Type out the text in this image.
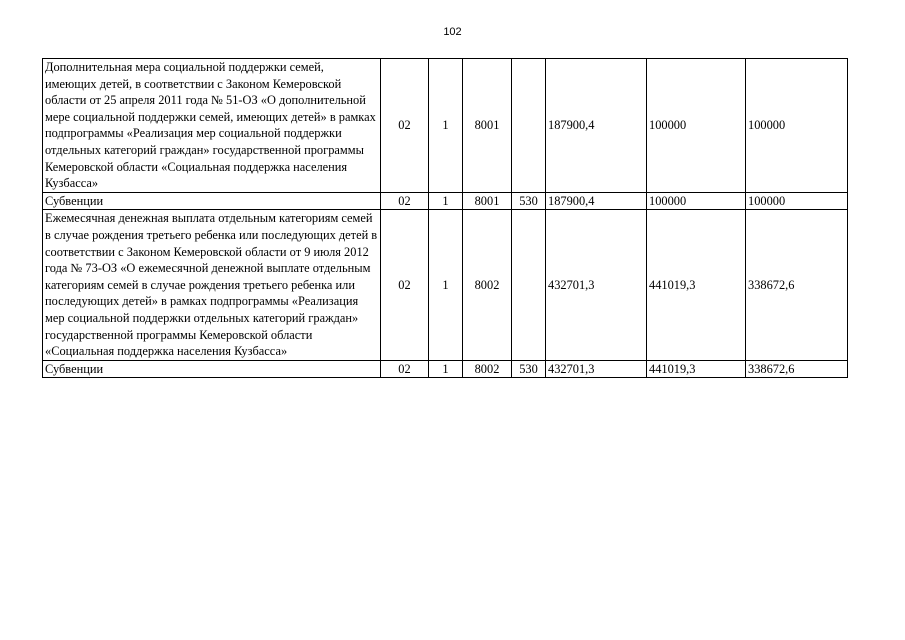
102
Дополнительная мера социальной поддержки семей, имеющих детей, в соответствии с Законом Кемеровской области от 25 апреля 2011 года № 51-ОЗ «О дополнительной мере социальной поддержки семей, имеющих детей» в рамках подпрограммы «Реализация мер социальной поддержки отдельных категорий граждан» государственной программы Кемеровской области «Социальная поддержка населения Кузбасса»	02	1	8001		187900,4	100000	100000
Субвенции	02	1	8001	530	187900,4	100000	100000
Ежемесячная денежная выплата отдельным категориям семей в случае рождения третьего ребенка или последующих детей в соответствии с Законом Кемеровской области от 9 июля 2012 года № 73-ОЗ «О ежемесячной денежной выплате отдельным категориям семей в случае рождения третьего ребенка или последующих детей» в рамках подпрограммы «Реализация мер социальной поддержки отдельных категорий граждан» государственной программы Кемеровской области «Социальная поддержка населения Кузбасса»	02	1	8002		432701,3	441019,3	338672,6
Субвенции	02	1	8002	530	432701,3	441019,3	338672,6
